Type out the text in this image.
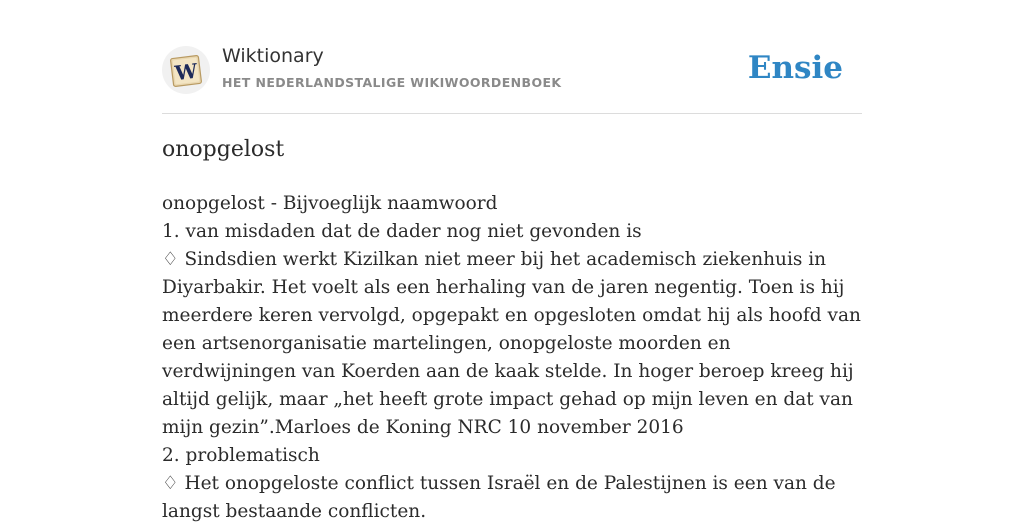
W
Wiktionary
HET NEDERLANDSTALIGE WIKIWOORDENBOEK	Ensie
onopgelost
onopgelost - Bijvoeglijk naamwoord
1. van misdaden dat de dader nog niet gevonden is
♢ Sindsdien werkt Kizilkan niet meer bij het academisch ziekenhuis in Diyarbakir. Het voelt als een herhaling van de jaren negentig. Toen is hij meerdere keren vervolgd, opgepakt en opgesloten omdat hij als hoofd van een artsenorganisatie martelingen, onopgeloste moorden en verdwijningen van Koerden aan de kaak stelde. In hoger beroep kreeg hij altijd gelijk, maar „het heeft grote impact gehad op mijn leven en dat van mijn gezin”.Marloes de Koning NRC 10 november 2016
2. problematisch
♢ Het onopgeloste conflict tussen Israël en de Palestijnen is een van de langst bestaande conflicten.
